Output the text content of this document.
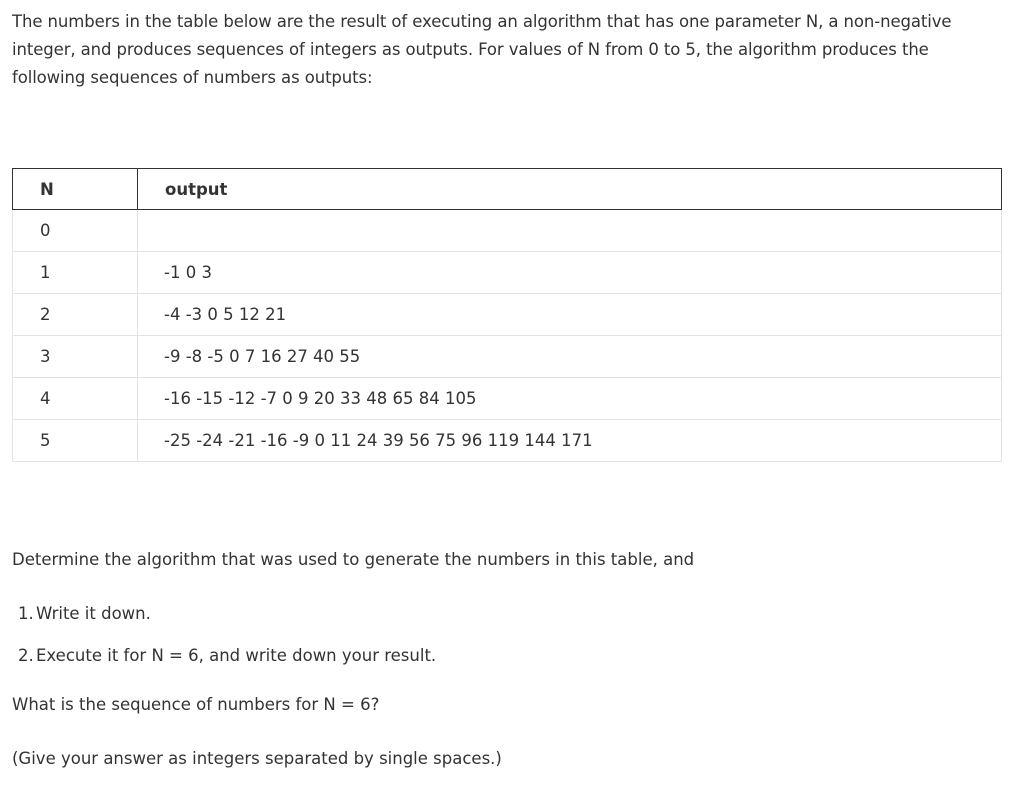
The numbers in the table below are the result of executing an algorithm that has one parameter N, a non-negative integer, and produces sequences of integers as outputs. For values of N from 0 to 5, the algorithm produces the following sequences of numbers as outputs:

N	output
0	
1	-1 0 3
2	-4 -3 0 5 12 21
3	-9 -8 -5 0 7 16 27 40 55
4	-16 -15 -12 -7 0 9 20 33 48 65 84 105
5	-25 -24 -21 -16 -9 0 11 24 39 56 75 96 119 144 171

Determine the algorithm that was used to generate the numbers in this table, and

1. Write it down.
2. Execute it for N = 6, and write down your result.

What is the sequence of numbers for N = 6?

(Give your answer as integers separated by single spaces.)
